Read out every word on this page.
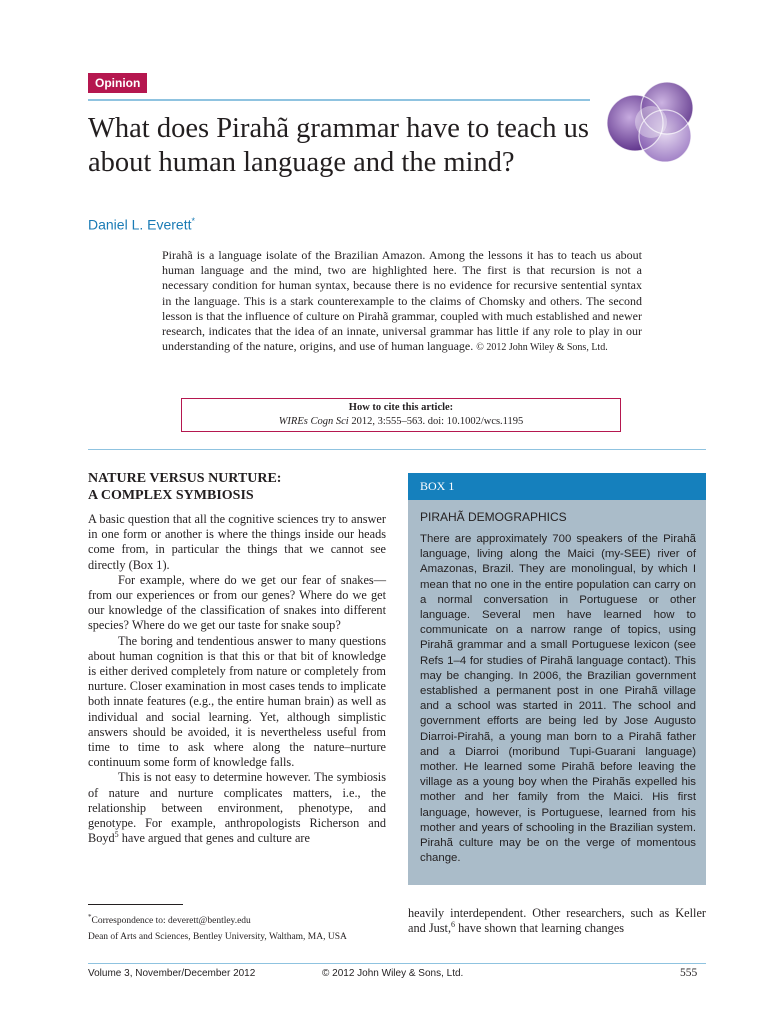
Opinion
What does Pirahã grammar have to teach us about human language and the mind?
Daniel L. Everett*

Pirahã is a language isolate of the Brazilian Amazon. Among the lessons it has to teach us about human language and the mind, two are highlighted here. The first is that recursion is not a necessary condition for human syntax, because there is no evidence for recursive sentential syntax in the language. This is a stark counterexample to the claims of Chomsky and others. The second lesson is that the influence of culture on Pirahã grammar, coupled with much established and newer research, indicates that the idea of an innate, universal grammar has little if any role to play in our understanding of the nature, origins, and use of human language. © 2012 John Wiley & Sons, Ltd.

How to cite this article:
WIREs Cogn Sci 2012, 3:555–563. doi: 10.1002/wcs.1195
NATURE VERSUS NURTURE:
A COMPLEX SYMBIOSIS

A basic question that all the cognitive sciences try to answer in one form or another is where the things inside our heads come from, in particular the things that we cannot see directly (Box 1).

For example, where do we get our fear of snakes—from our experiences or from our genes? Where do we get our knowledge of the classification of snakes into different species? Where do we get our taste for snake soup?

The boring and tendentious answer to many questions about human cognition is that this or that bit of knowledge is either derived completely from nature or completely from nurture. Closer examination in most cases tends to implicate both innate features (e.g., the entire human brain) as well as individual and social learning. Yet, although simplistic answers should be avoided, it is nevertheless useful from time to time to ask where along the nature–nurture continuum some form of knowledge falls.

This is not easy to determine however. The symbiosis of nature and nurture complicates matters, i.e., the relationship between environment, phenotype, and genotype. For example, anthropologists Richerson and Boyd$^5$ have argued that genes and culture are

BOX 1

PIRAHÃ DEMOGRAPHICS

There are approximately 700 speakers of the Pirahã language, living along the Maici (my-SEE) river of Amazonas, Brazil. They are monolingual, by which I mean that no one in the entire population can carry on a normal conversation in Portuguese or other language. Several men have learned how to communicate on a narrow range of topics, using Pirahã grammar and a small Portuguese lexicon (see Refs 1–4 for studies of Pirahã language contact). This may be changing. In 2006, the Brazilian government established a permanent post in one Pirahã village and a school was started in 2011. The school and government efforts are being led by Jose Augusto Diarroi-Pirahã, a young man born to a Pirahã father and a Diarroi (moribund Tupi-Guarani language) mother. He learned some Pirahã before leaving the village as a young boy when the Pirahãs expelled his mother and her family from the Maici. His first language, however, is Portuguese, learned from his mother and years of schooling in the Brazilian system. Pirahã culture may be on the verge of momentous change.

*Correspondence to: deverett@bentley.edu
Dean of Arts and Sciences, Bentley University, Waltham, MA, USA

heavily interdependent. Other researchers, such as Keller and Just,$^6$ have shown that learning changes

Volume 3, November/December 2012	© 2012 John Wiley & Sons, Ltd.	555
